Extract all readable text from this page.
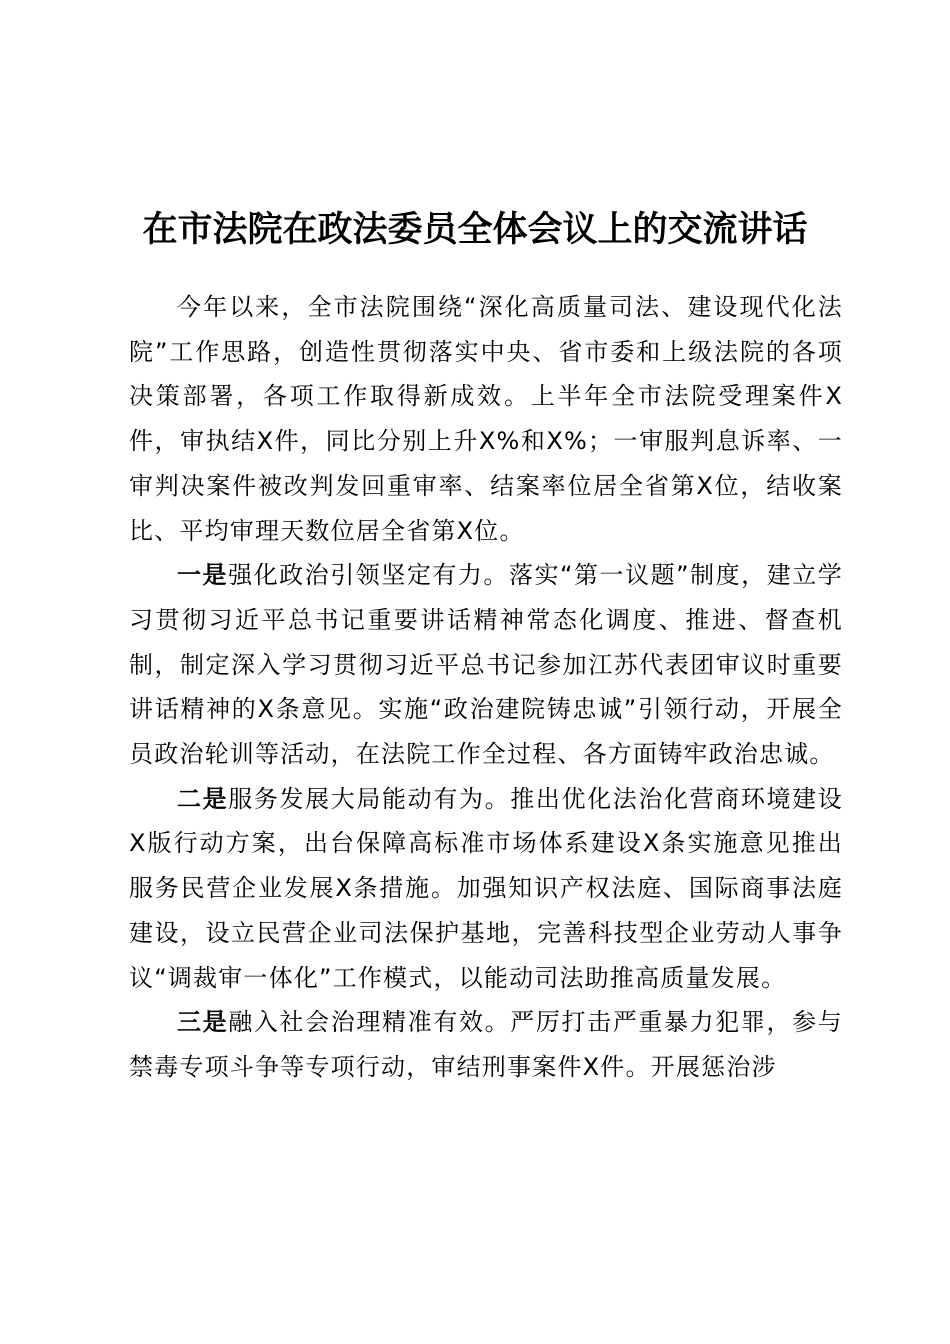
在市法院在政法委员全体会议上的交流讲话

今年以来，全市法院围绕“深化高质量司法、建设现代化法院”工作思路，创造性贯彻落实中央、省市委和上级法院的各项决策部署，各项工作取得新成效。上半年全市法院受理案件X件，审执结X件，同比分别上升X%和X%；一审服判息诉率、一审判决案件被改判发回重审率、结案率位居全省第X位，结收案比、平均审理天数位居全省第X位。

一是强化政治引领坚定有力。落实“第一议题”制度，建立学习贯彻习近平总书记重要讲话精神常态化调度、推进、督查机制，制定深入学习贯彻习近平总书记参加江苏代表团审议时重要讲话精神的X条意见。实施“政治建院铸忠诚”引领行动，开展全员政治轮训等活动，在法院工作全过程、各方面铸牢政治忠诚。

二是服务发展大局能动有为。推出优化法治化营商环境建设X版行动方案，出台保障高标准市场体系建设X条实施意见推出服务民营企业发展X条措施。加强知识产权法庭、国际商事法庭建设，设立民营企业司法保护基地，完善科技型企业劳动人事争议“调裁审一体化”工作模式，以能动司法助推高质量发展。

三是融入社会治理精准有效。严厉打击严重暴力犯罪，参与禁毒专项斗争等专项行动，审结刑事案件X件。开展惩治涉
